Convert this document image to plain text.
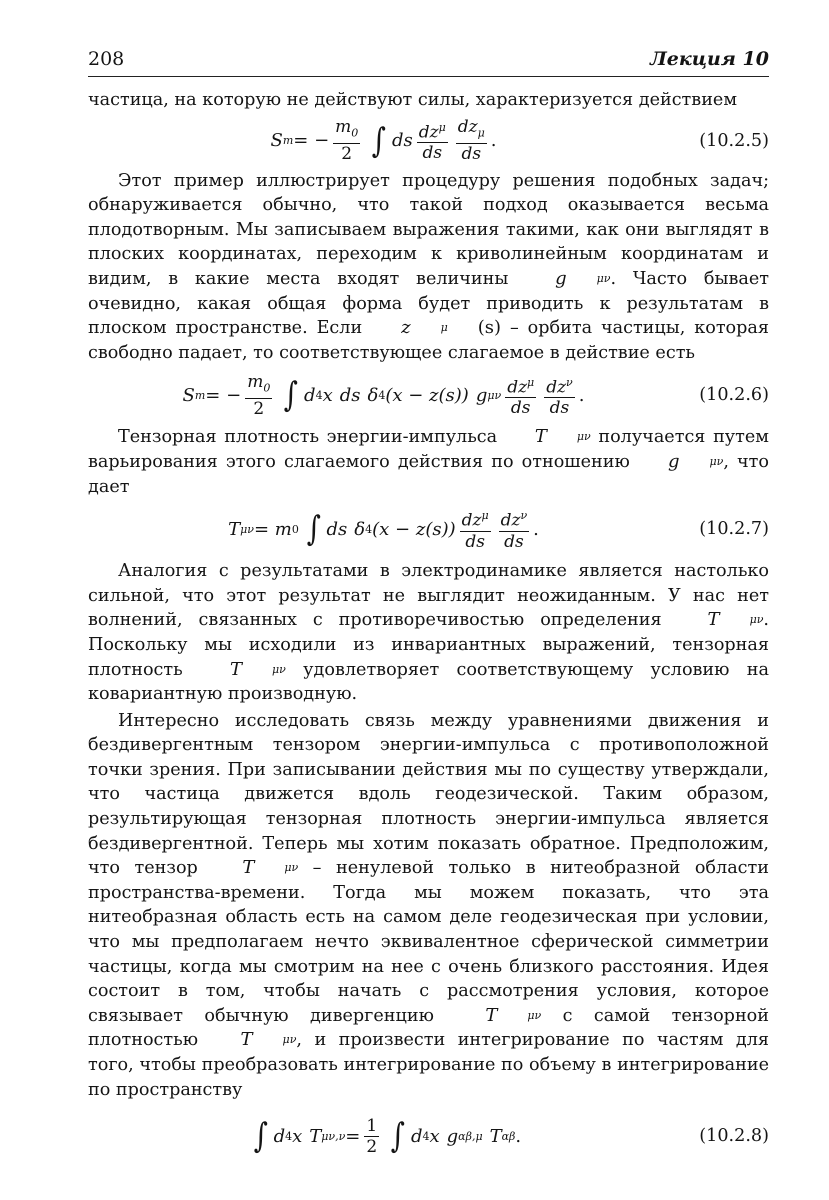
208	Лекция 10

частица, на которую не действуют силы, характеризуется действием

S m = − $\frac{m_0}{2}$ ∫ ds $\frac{dz^\mu}{ds} \frac{dz_\mu}{ds}$ .	(10.2.5)

Этот пример иллюстрирует процедуру решения подобных задач; обнаруживается обычно, что такой подход оказывается весьма плодотворным. Мы записываем выражения такими, как они выглядят в плоских координатах, переходим к криволинейным координатам и видим, в какие места входят величины	g	μν . Часто бывает очевидно, какая общая форма будет приводить к результатам в плоском пространстве. Если	z	μ	(s) – орбита частицы, которая свободно падает, то соответствующее слагаемое в действие есть

S m = − $\frac{m_0}{2}$ ∫ d 4 x ds δ 4 (x − z(s)) g μν $\frac{dz^\mu}{ds} \frac{dz^\nu}{ds}$ .	(10.2.6)

Тензорная плотность энергии-импульса	T	μν получается путем варьирования этого слагаемого действия по отношению	g	μν , что дает

T μν = m 0 ∫ ds δ 4 $(x - z(s)) \frac{dz^\mu}{ds} \frac{dz^\nu}{ds}$ .	(10.2.7)

Аналогия с результатами в электродинамике является настолько сильной, что этот результат не выглядит неожиданным. У нас нет волнений, связанных с противоречивостью определения	T	μν . Поскольку мы исходили из инвариантных выражений, тензорная плотность	T	μν удовлетворяет соответствующему условию на ковариантную производную.

Интересно исследовать связь между уравнениями движения и бездивергентным тензором энергии-импульса с противоположной точки зрения. При записывании действия мы по существу утверждали, что частица движется вдоль геодезической. Таким образом, результирующая тензорная плотность энергии-импульса является бездивергентной. Теперь мы хотим показать обратное. Предположим, что тензор	T	μν – ненулевой только в нитеобразной области пространства-времени. Тогда мы можем показать, что эта нитеобразная область есть на самом деле геодезическая при условии, что мы предполагаем нечто эквивалентное сферической симметрии частицы, когда мы смотрим на нее с очень близкого расстояния. Идея состоит в том, чтобы начать с рассмотрения условия, которое связывает обычную дивергенцию	T	μν с самой тензорной плотностью	T	μν , и произвести интегрирование по частям для того, чтобы преобразовать интегрирование по объему в интегрирование по пространству

∫ d 4 x T μ ν $,\nu = \frac{1}{2}$ ∫ d 4 x g αβ,μ T αβ .	(10.2.8)
